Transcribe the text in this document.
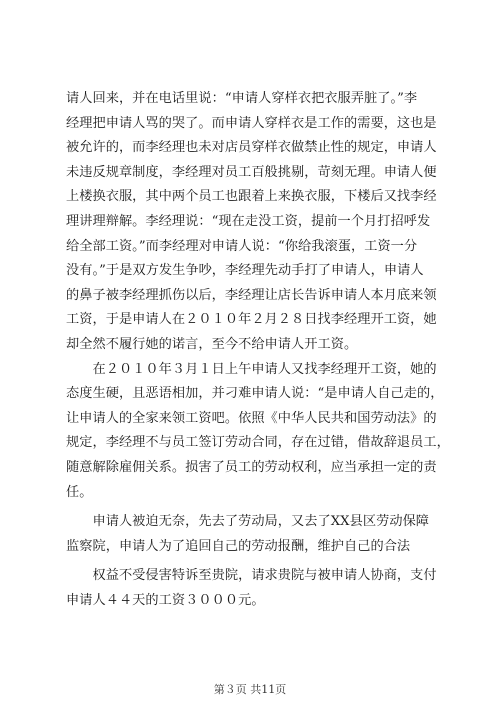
请人回来，并在电话里说：“申请人穿样衣把衣服弄脏了。”李
经理把申请人骂的哭了。而申请人穿样衣是工作的需要，这也是
被允许的，而李经理也未对店员穿样衣做禁止性的规定，申请人
未违反规章制度，李经理对员工百般挑剔，苛刻无理。申请人便
上楼换衣服，其中两个员工也跟着上来换衣服，下楼后又找李经
理讲理辩解。李经理说：“现在走没工资，提前一个月打招呼发
给全部工资。”而李经理对申请人说：“你给我滚蛋，工资一分
没有。”于是双方发生争吵，李经理先动手打了申请人，申请人
的鼻子被李经理抓伤以后，李经理让店长告诉申请人本月底来领
工资，于是申请人在２０１０年２月２８日找李经理开工资，她
却全然不履行她的诺言，至今不给申请人开工资。
　　在２０１０年３月１日上午申请人又找李经理开工资，她的
态度生硬，且恶语相加，并刁难申请人说：“是申请人自己走的，
让申请人的全家来领工资吧。依照《中华人民共和国劳动法》的
规定，李经理不与员工签订劳动合同，存在过错，借故辞退员工，
随意解除雇佣关系。损害了员工的劳动权利，应当承担一定的责
任。
　　申请人被迫无奈，先去了劳动局，又去了XX县区劳动保障
监察院，申请人为了追回自己的劳动报酬，维护自己的合法
　　权益不受侵害特诉至贵院，请求贵院与被申请人协商，支付
申请人４４天的工资３０００元。
第３页 共11页
